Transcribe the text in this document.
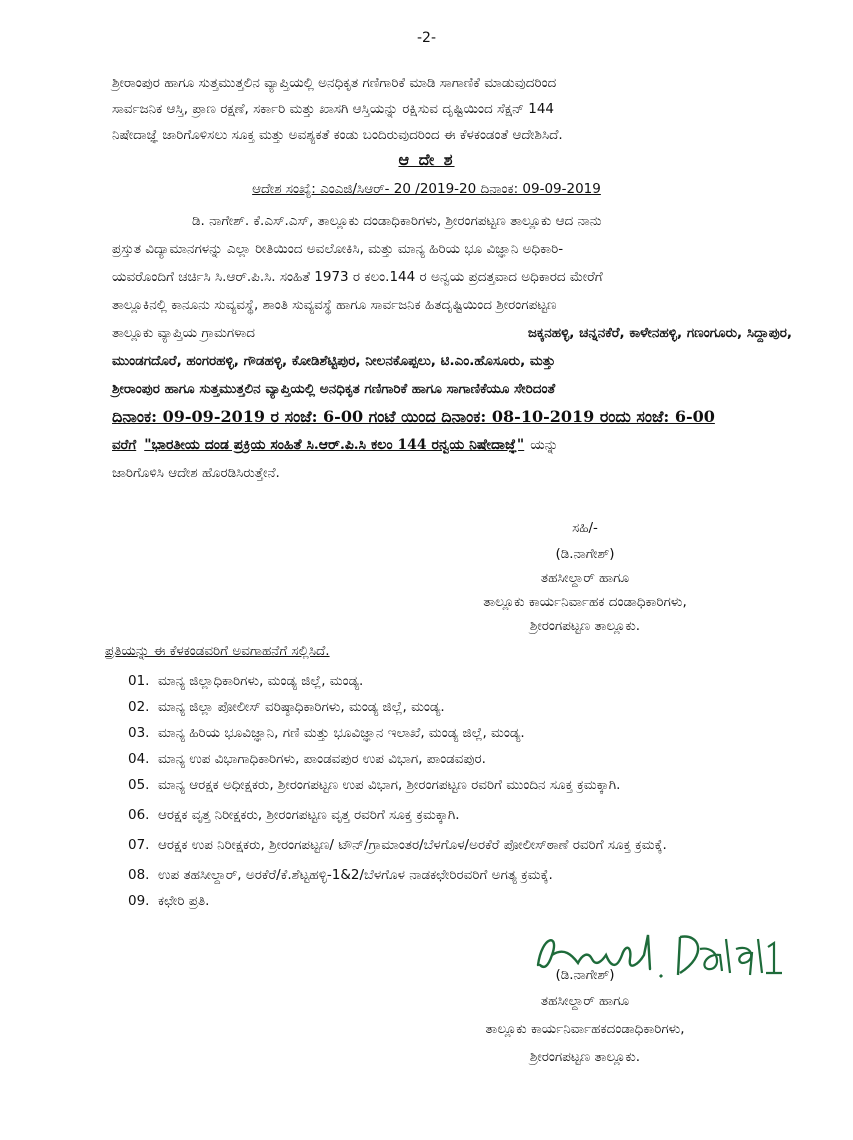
-2-
ಶ್ರೀರಾಂಪುರ ಹಾಗೂ ಸುತ್ತಮುತ್ತಲಿನ ವ್ಯಾಪ್ತಿಯಲ್ಲಿ ಅನಧಿಕೃತ ಗಣಿಗಾರಿಕೆ ಮಾಡಿ ಸಾಗಾಣಿಕೆ ಮಾಡುವುದರಿಂದ
ಸಾರ್ವಜನಿಕ ಆಸ್ತಿ, ಪ್ರಾಣ ರಕ್ಷಣೆ, ಸರ್ಕಾರಿ ಮತ್ತು ಖಾಸಗಿ ಆಸ್ತಿಯನ್ನು ರಕ್ಷಿಸುವ ದೃಷ್ಟಿಯಿಂದ ಸೆಕ್ಷನ್ 144
ನಿಷೇದಾಜ್ಞೆ ಜಾರಿಗೊಳಿಸಲು ಸೂಕ್ತ ಮತ್ತು ಅವಶ್ಯಕತೆ ಕಂಡು ಬಂದಿರುವುದರಿಂದ ಈ ಕೆಳಕಂಡಂತೆ ಆದೇಶಿಸಿದೆ.
ಆ ದೇ ಶ
ಆದೇಶ ಸಂಖ್ಯೆ: ಎಂಎಜಿ/ಸಿಆರ್- 20 /2019-20 ದಿನಾಂಕ: 09-09-2019
ಡಿ. ನಾಗೇಶ್. ಕೆ.ಎಸ್.ಎಸ್, ತಾಲ್ಲೂಕು ದಂಡಾಧಿಕಾರಿಗಳು, ಶ್ರೀರಂಗಪಟ್ಟಣ ತಾಲ್ಲೂಕು ಆದ ನಾನು
ಪ್ರಸ್ತುತ ವಿದ್ಯಾಮಾನಗಳನ್ನು ಎಲ್ಲಾ ರೀತಿಯಿಂದ ಅವಲೋಕಿಸಿ, ಮತ್ತು ಮಾನ್ಯ ಹಿರಿಯ ಭೂ ವಿಜ್ಞಾನಿ ಅಧಿಕಾರಿ-
ಯವರೊಂದಿಗೆ ಚರ್ಚಿಸಿ ಸಿ.ಆರ್.ಪಿ.ಸಿ. ಸಂಹಿತೆ 1973 ರ ಕಲಂ.144 ರ ಅನ್ವಯ ಪ್ರದತ್ತವಾದ ಅಧಿಕಾರದ ಮೇರೆಗೆ
ತಾಲ್ಲೂಕಿನಲ್ಲಿ ಕಾನೂನು ಸುವ್ಯವಸ್ಥೆ, ಶಾಂತಿ ಸುವ್ಯವಸ್ಥೆ ಹಾಗೂ ಸಾರ್ವಜನಿಕ ಹಿತದೃಷ್ಟಿಯಿಂದ ಶ್ರೀರಂಗಪಟ್ಟಣ
ತಾಲ್ಲೂಕು ವ್ಯಾಪ್ತಿಯ ಗ್ರಾಮಗಳಾದ	ಜಕ್ಕನಹಳ್ಳಿ, ಚನ್ನನಕೆರೆ, ಕಾಳೇನಹಳ್ಳಿ, ಗಣಂಗೂರು, ಸಿದ್ದಾಪುರ,
ಮುಂಡಗದೊರೆ, ಹಂಗರಹಳ್ಳಿ, ಗೌಡಹಳ್ಳಿ, ಕೋಡಿಶೆಟ್ಟಿಪುರ, ನೀಲನಕೊಪ್ಪಲು, ಟಿ.ಎಂ.ಹೊಸೂರು, ಮತ್ತು
ಶ್ರೀರಾಂಪುರ ಹಾಗೂ ಸುತ್ತಮುತ್ತಲಿನ ವ್ಯಾಪ್ತಿಯಲ್ಲಿ ಅನಧಿಕೃತ ಗಣಿಗಾರಿಕೆ ಹಾಗೂ ಸಾಗಾಣಿಕೆಯೂ ಸೇರಿದಂತೆ
ದಿನಾಂಕ: 09-09-2019 ರ ಸಂಜೆ: 6-00 ಗಂಟೆ ಯಿಂದ ದಿನಾಂಕ: 08-10-2019 ರಂದು ಸಂಜೆ: 6-00
ವರೆಗೆ "ಭಾರತೀಯ ದಂಡ ಪ್ರಕ್ರಿಯ ಸಂಹಿತೆ ಸಿ.ಆರ್.ಪಿ.ಸಿ ಕಲಂ 144 ರನ್ವಯ ನಿಷೇದಾಜ್ಞೆ" ಯನ್ನು
ಜಾರಿಗೊಳಿಸಿ ಆದೇಶ ಹೊರಡಿಸಿರುತ್ತೇನೆ.
ಸಹಿ/-
(ಡಿ.ನಾಗೇಶ್)
ತಹಸೀಲ್ದಾರ್ ಹಾಗೂ
ತಾಲ್ಲೂಕು ಕಾರ್ಯನಿರ್ವಾಹಕ ದಂಡಾಧಿಕಾರಿಗಳು,
ಶ್ರೀರಂಗಪಟ್ಟಣ ತಾಲ್ಲೂಕು.
ಪ್ರತಿಯನ್ನು ಈ ಕೆಳಕಂಡವರಿಗೆ ಅವಗಾಹನೆಗೆ ಸಲ್ಲಿಸಿದೆ.
01. ಮಾನ್ಯ ಜಿಲ್ಲಾಧಿಕಾರಿಗಳು, ಮಂಡ್ಯ ಜಿಲ್ಲೆ, ಮಂಡ್ಯ.
02. ಮಾನ್ಯ ಜಿಲ್ಲಾ ಪೋಲೀಸ್ ವರಿಷ್ಠಾಧಿಕಾರಿಗಳು, ಮಂಡ್ಯ ಜಿಲ್ಲೆ, ಮಂಡ್ಯ.
03. ಮಾನ್ಯ ಹಿರಿಯ ಭೂವಿಜ್ಞಾನಿ, ಗಣಿ ಮತ್ತು ಭೂವಿಜ್ಞಾನ ಇಲಾಖೆ, ಮಂಡ್ಯ ಜಿಲ್ಲೆ, ಮಂಡ್ಯ.
04. ಮಾನ್ಯ ಉಪ ವಿಭಾಗಾಧಿಕಾರಿಗಳು, ಪಾಂಡವಪುರ ಉಪ ವಿಭಾಗ, ಪಾಂಡವಪುರ.
05. ಮಾನ್ಯ ಆರಕ್ಷಕ ಅಧೀಕ್ಷಕರು, ಶ್ರೀರಂಗಪಟ್ಟಣ ಉಪ ವಿಭಾಗ, ಶ್ರೀರಂಗಪಟ್ಟಣ ರವರಿಗೆ ಮುಂದಿನ ಸೂಕ್ತ ಕ್ರಮಕ್ಕಾಗಿ.
06. ಆರಕ್ಷಕ ವೃತ್ತ ನಿರೀಕ್ಷಕರು, ಶ್ರೀರಂಗಪಟ್ಟಣ ವೃತ್ತ ರವರಿಗೆ ಸೂಕ್ತ ಕ್ರಮಕ್ಕಾಗಿ.
07. ಆರಕ್ಷಕ ಉಪ ನಿರೀಕ್ಷಕರು, ಶ್ರೀರಂಗಪಟ್ಟಣ/ ಟೌನ್/ಗ್ರಾಮಾಂತರ/ಬೆಳಗೊಳ/ಅರಕೆರೆ ಪೋಲೀಸ್‌ಠಾಣೆ ರವರಿಗೆ ಸೂಕ್ತ ಕ್ರಮಕ್ಕೆ.
08. ಉಪ ತಹಸೀಲ್ದಾರ್, ಅರಕೆರೆ/ಕೆ.ಶೆಟ್ಟಹಳ್ಳಿ-1&2/ಬೆಳಗೊಳ ನಾಡಕಛೇರಿರವರಿಗೆ ಅಗತ್ಯ ಕ್ರಮಕ್ಕೆ.
09. ಕಛೇರಿ ಪ್ರತಿ.
(ಡಿ.ನಾಗೇಶ್)
ತಹಸೀಲ್ದಾರ್ ಹಾಗೂ
ತಾಲ್ಲೂಕು ಕಾರ್ಯನಿರ್ವಾಹಕದಂಡಾಧಿಕಾರಿಗಳು,
ಶ್ರೀರಂಗಪಟ್ಟಣ ತಾಲ್ಲೂಕು.
